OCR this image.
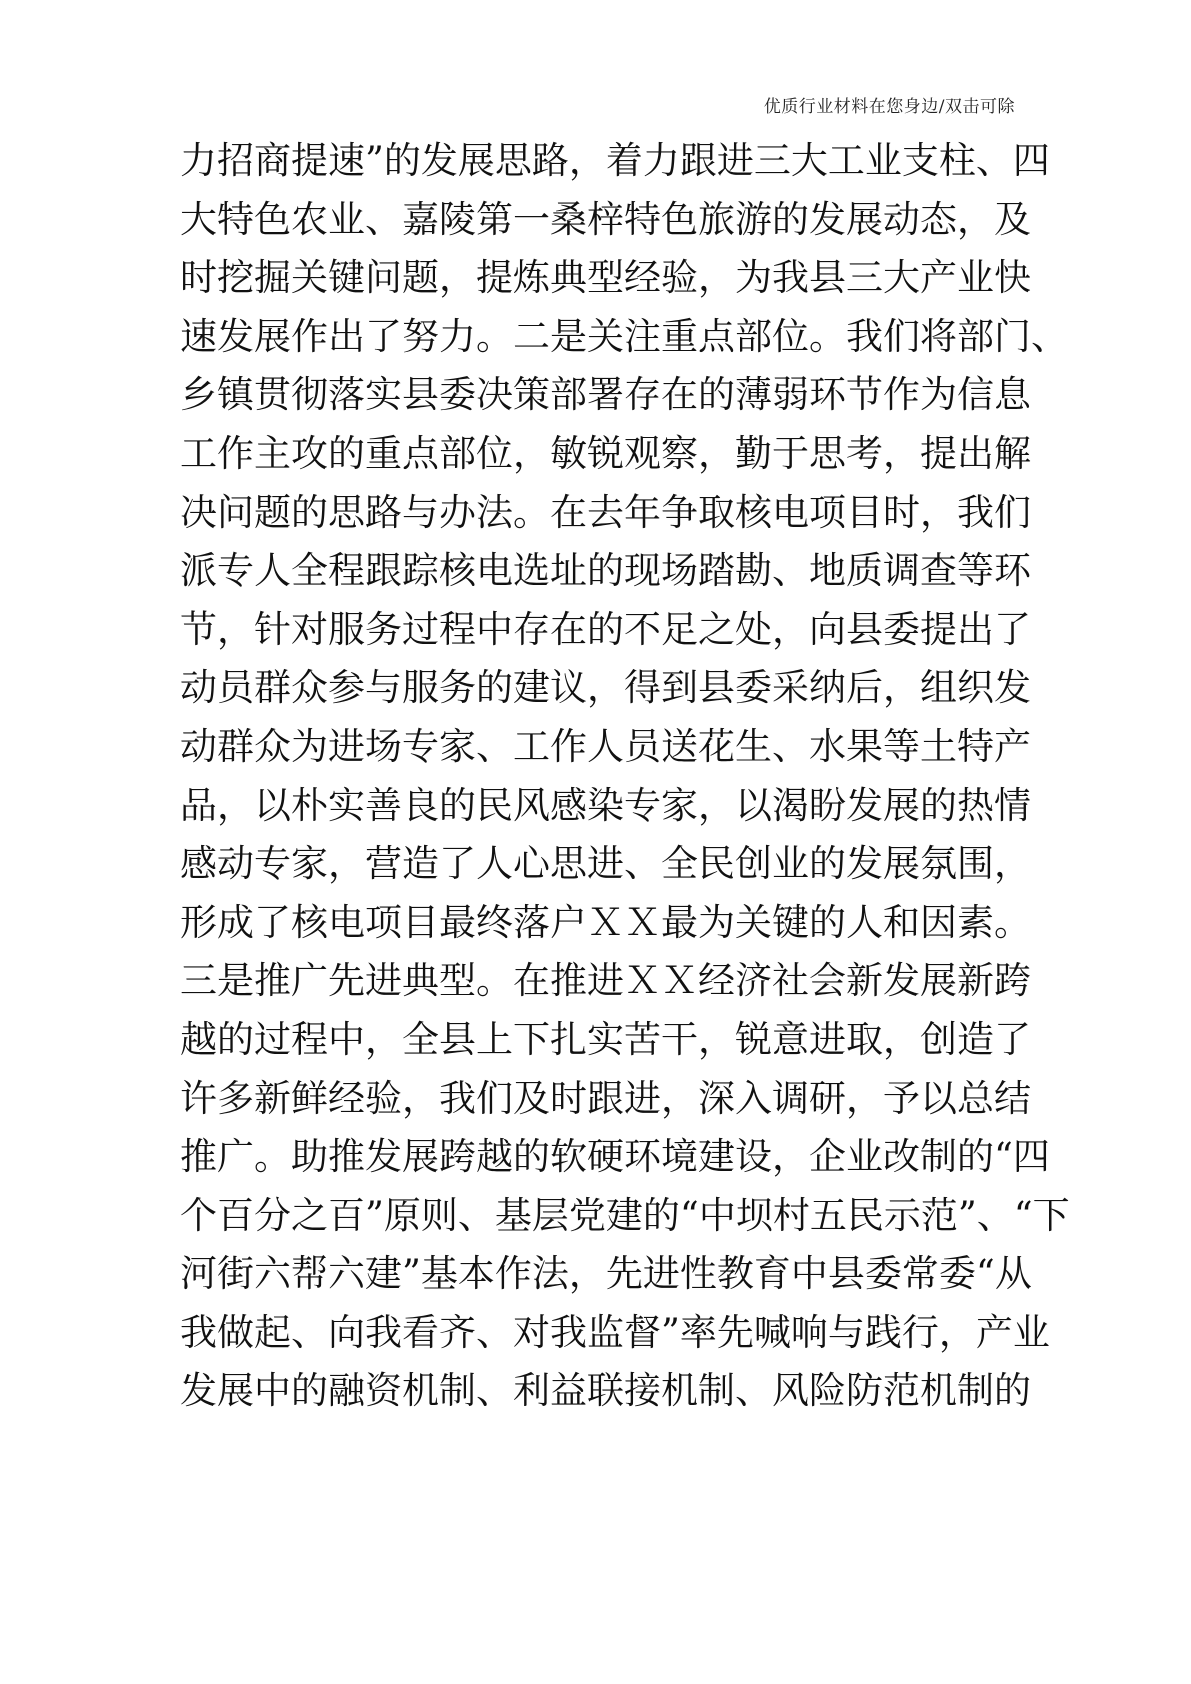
优质行业材料在您身边/双击可除
力招商提速”的发展思路，着力跟进三大工业支柱、四
大特色农业、嘉陵第一桑梓特色旅游的发展动态，及
时挖掘关键问题，提炼典型经验，为我县三大产业快
速发展作出了努力。二是关注重点部位。我们将部门、
乡镇贯彻落实县委决策部署存在的薄弱环节作为信息
工作主攻的重点部位，敏锐观察，勤于思考，提出解
决问题的思路与办法。在去年争取核电项目时，我们
派专人全程跟踪核电选址的现场踏勘、地质调查等环
节，针对服务过程中存在的不足之处，向县委提出了
动员群众参与服务的建议，得到县委采纳后，组织发
动群众为进场专家、工作人员送花生、水果等土特产
品，以朴实善良的民风感染专家，以渴盼发展的热情
感动专家，营造了人心思进、全民创业的发展氛围，
形成了核电项目最终落户ＸＸ最为关键的人和因素。
三是推广先进典型。在推进ＸＸ经济社会新发展新跨
越的过程中，全县上下扎实苦干，锐意进取，创造了
许多新鲜经验，我们及时跟进，深入调研，予以总结
推广。助推发展跨越的软硬环境建设，企业改制的“四
个百分之百”原则、基层党建的“中坝村五民示范”、“下
河街六帮六建”基本作法，先进性教育中县委常委“从
我做起、向我看齐、对我监督”率先喊响与践行，产业
发展中的融资机制、利益联接机制、风险防范机制的
